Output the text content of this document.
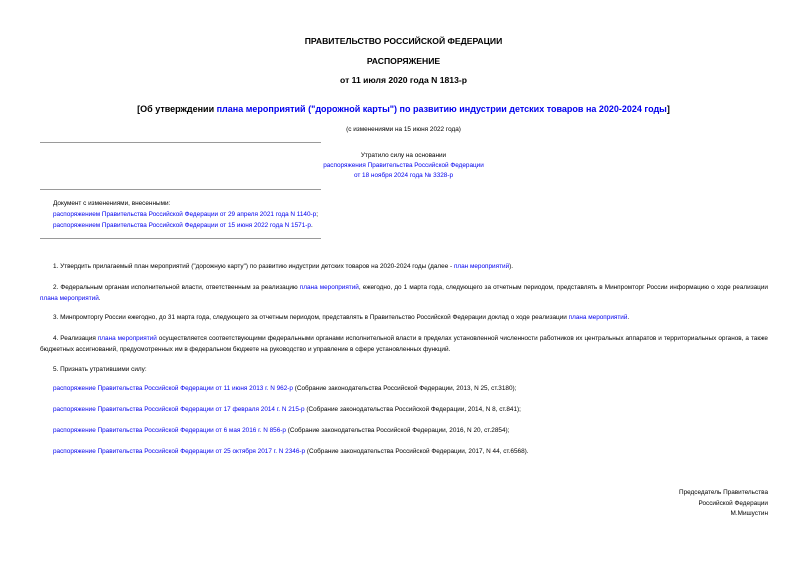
ПРАВИТЕЛЬСТВО РОССИЙСКОЙ ФЕДЕРАЦИИ
РАСПОРЯЖЕНИЕ
от 11 июля 2020 года N 1813-р
[Об утверждении плана мероприятий ("дорожной карты") по развитию индустрии детских товаров на 2020-2024 годы]
(с изменениями на 15 июня 2022 года)
Утратило силу на основании
распоряжения Правительства Российской Федерации
от 18 ноября 2024 года № 3328-р
Документ с изменениями, внесенными:
распоряжением Правительства Российской Федерации от 29 апреля 2021 года N 1140-р;
распоряжением Правительства Российской Федерации от 15 июня 2022 года N 1571-р.
1. Утвердить прилагаемый план мероприятий ("дорожную карту") по развитию индустрии детских товаров на 2020-2024 годы (далее - план мероприятий).
2. Федеральным органам исполнительной власти, ответственным за реализацию плана мероприятий, ежегодно, до 1 марта года, следующего за отчетным периодом, представлять в Минпромторг России информацию о ходе реализации плана мероприятий.
3. Минпромторгу России ежегодно, до 31 марта года, следующего за отчетным периодом, представлять в Правительство Российской Федерации доклад о ходе реализации плана мероприятий.
4. Реализация плана мероприятий осуществляется соответствующими федеральными органами исполнительной власти в пределах установленной численности работников их центральных аппаратов и территориальных органов, а также бюджетных ассигнований, предусмотренных им в федеральном бюджете на руководство и управление в сфере установленных функций.
5. Признать утратившими силу:
распоряжение Правительства Российской Федерации от 11 июня 2013 г. N 962-р (Собрание законодательства Российской Федерации, 2013, N 25, ст.3180);
распоряжение Правительства Российской Федерации от 17 февраля 2014 г. N 215-р (Собрание законодательства Российской Федерации, 2014, N 8, ст.841);
распоряжение Правительства Российской Федерации от 6 мая 2016 г. N 856-р (Собрание законодательства Российской Федерации, 2016, N 20, ст.2854);
распоряжение Правительства Российской Федерации от 25 октября 2017 г. N 2346-р (Собрание законодательства Российской Федерации, 2017, N 44, ст.6568).
Председатель Правительства
Российской Федерации
М.Мишустин
